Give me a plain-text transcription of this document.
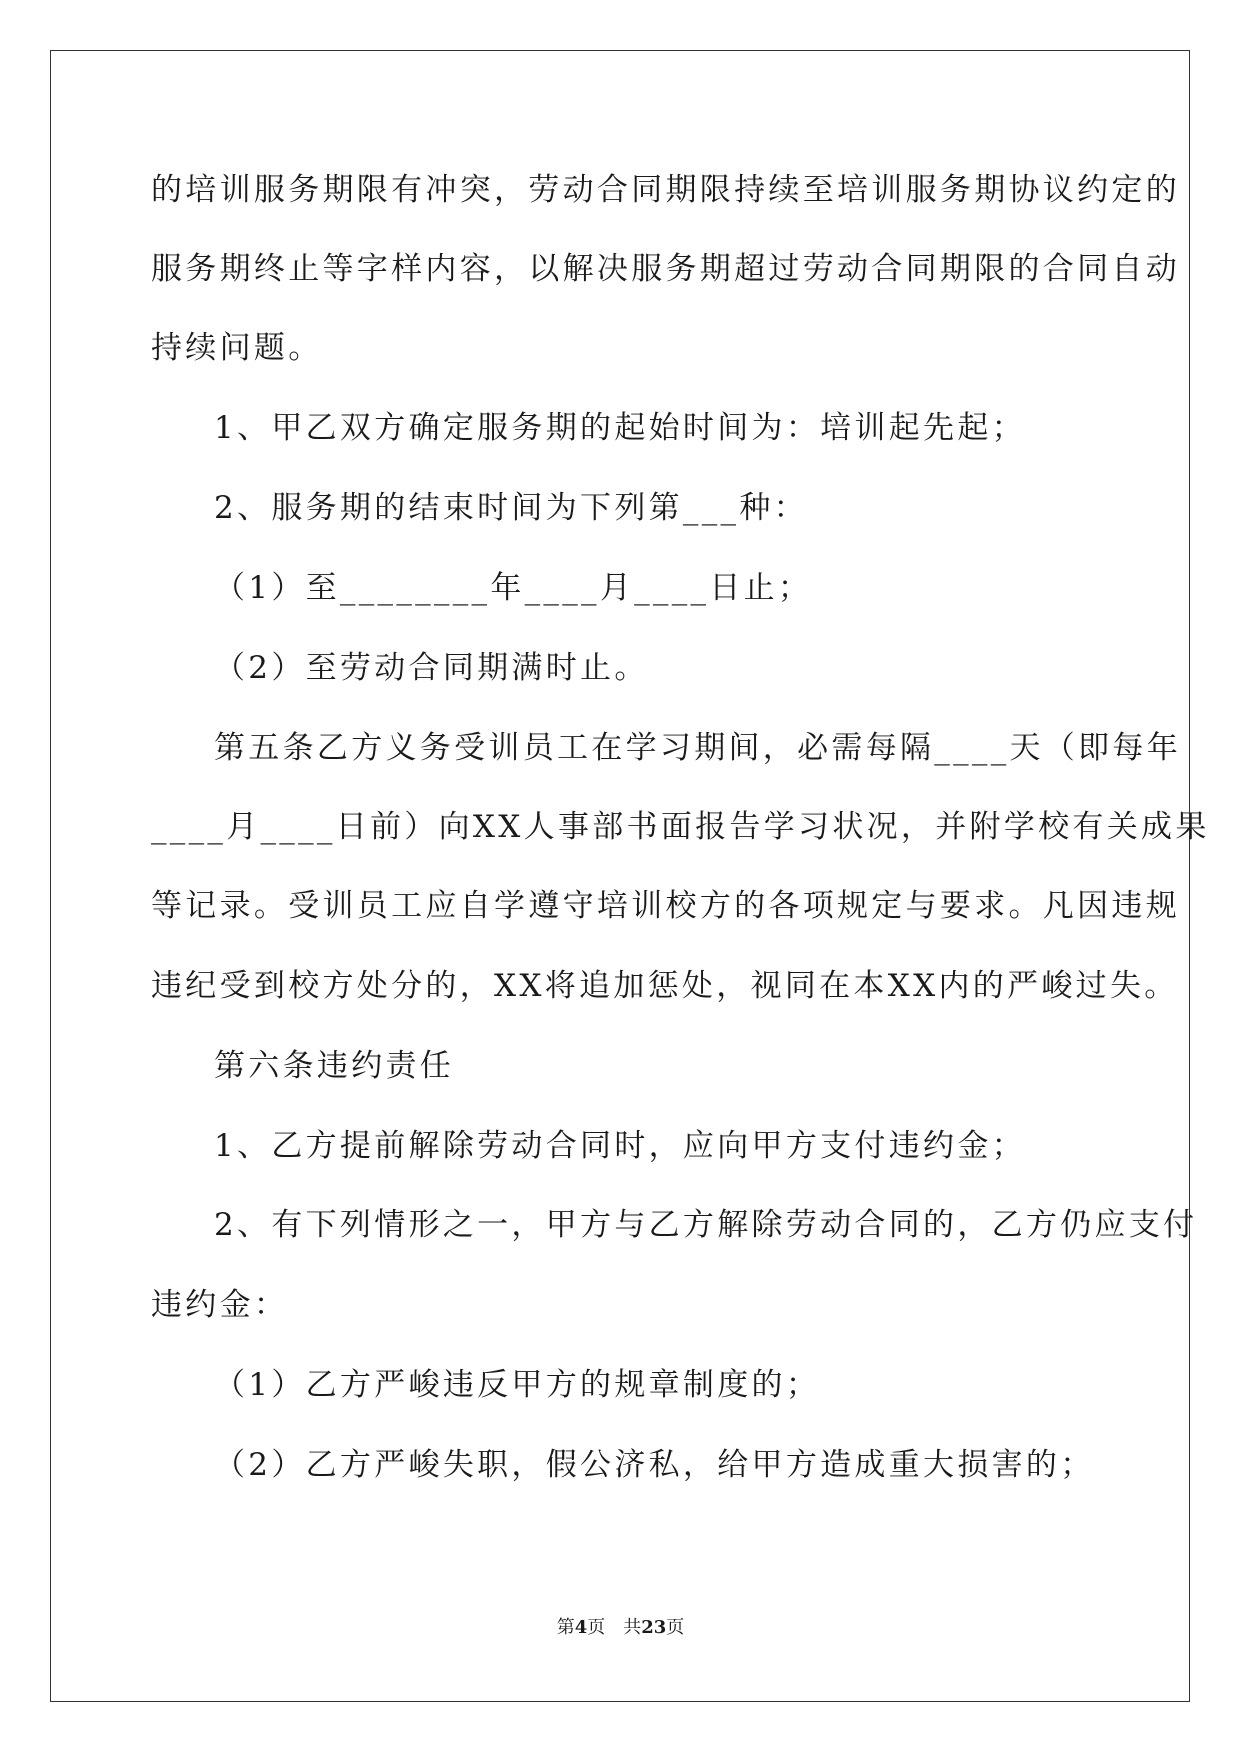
的培训服务期限有冲突，劳动合同期限持续至培训服务期协议约定的

服务期终止等字样内容，以解决服务期超过劳动合同期限的合同自动

持续问题。

1、甲乙双方确定服务期的起始时间为：培训起先起；

2、服务期的结束时间为下列第___种：

（1）至________年____月____日止；

（2）至劳动合同期满时止。

第五条乙方义务受训员工在学习期间，必需每隔____天（即每年

____月____日前）向XX人事部书面报告学习状况，并附学校有关成果

等记录。受训员工应自学遵守培训校方的各项规定与要求。凡因违规

违纪受到校方处分的，XX将追加惩处，视同在本XX内的严峻过失。

第六条违约责任

1、乙方提前解除劳动合同时，应向甲方支付违约金；

2、有下列情形之一，甲方与乙方解除劳动合同的，乙方仍应支付

违约金：

（1）乙方严峻违反甲方的规章制度的；

（2）乙方严峻失职，假公济私，给甲方造成重大损害的；

第4页　共23页
